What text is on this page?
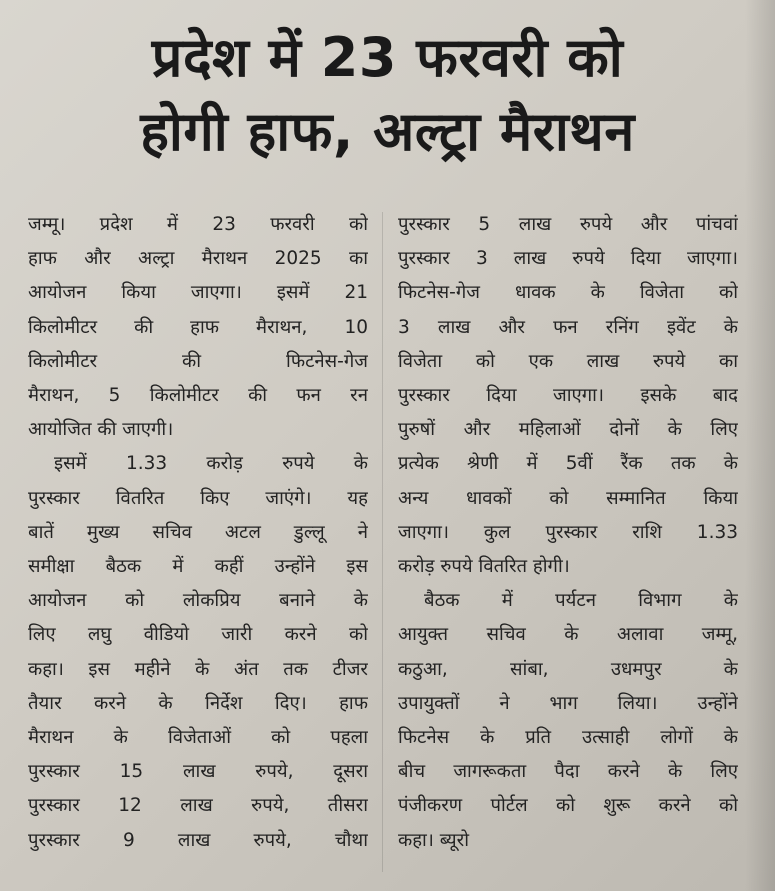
प्रदेश में 23 फरवरी को
होगी हाफ, अल्ट्रा मैराथन
जम्मू। प्रदेश में 23 फरवरी को
हाफ और अल्ट्रा मैराथन 2025 का
आयोजन किया जाएगा। इसमें 21
किलोमीटर की हाफ मैराथन, 10
किलोमीटर की फिटनेस-गेज
मैराथन, 5 किलोमीटर की फन रन
आयोजित की जाएगी।
इसमें 1.33 करोड़ रुपये के
पुरस्कार वितरित किए जाएंगे। यह
बातें मुख्य सचिव अटल डुल्लू ने
समीक्षा बैठक में कहीं उन्होंने इस
आयोजन को लोकप्रिय बनाने के
लिए लघु वीडियो जारी करने को
कहा। इस महीने के अंत तक टीजर
तैयार करने के निर्देश दिए। हाफ
मैराथन के विजेताओं को पहला
पुरस्कार 15 लाख रुपये, दूसरा
पुरस्कार 12 लाख रुपये, तीसरा
पुरस्कार 9 लाख रुपये, चौथा
पुरस्कार 5 लाख रुपये और पांचवां
पुरस्कार 3 लाख रुपये दिया जाएगा।
फिटनेस-गेज धावक के विजेता को
3 लाख और फन रनिंग इवेंट के
विजेता को एक लाख रुपये का
पुरस्कार दिया जाएगा। इसके बाद
पुरुषों और महिलाओं दोनों के लिए
प्रत्येक श्रेणी में 5वीं रैंक तक के
अन्य धावकों को सम्मानित किया
जाएगा। कुल पुरस्कार राशि 1.33
करोड़ रुपये वितरित होगी।
बैठक में पर्यटन विभाग के
आयुक्त सचिव के अलावा जम्मू,
कठुआ, सांबा, उधमपुर के
उपायुक्तों ने भाग लिया। उन्होंने
फिटनेस के प्रति उत्साही लोगों के
बीच जागरूकता पैदा करने के लिए
पंजीकरण पोर्टल को शुरू करने को
कहा। ब्यूरो
